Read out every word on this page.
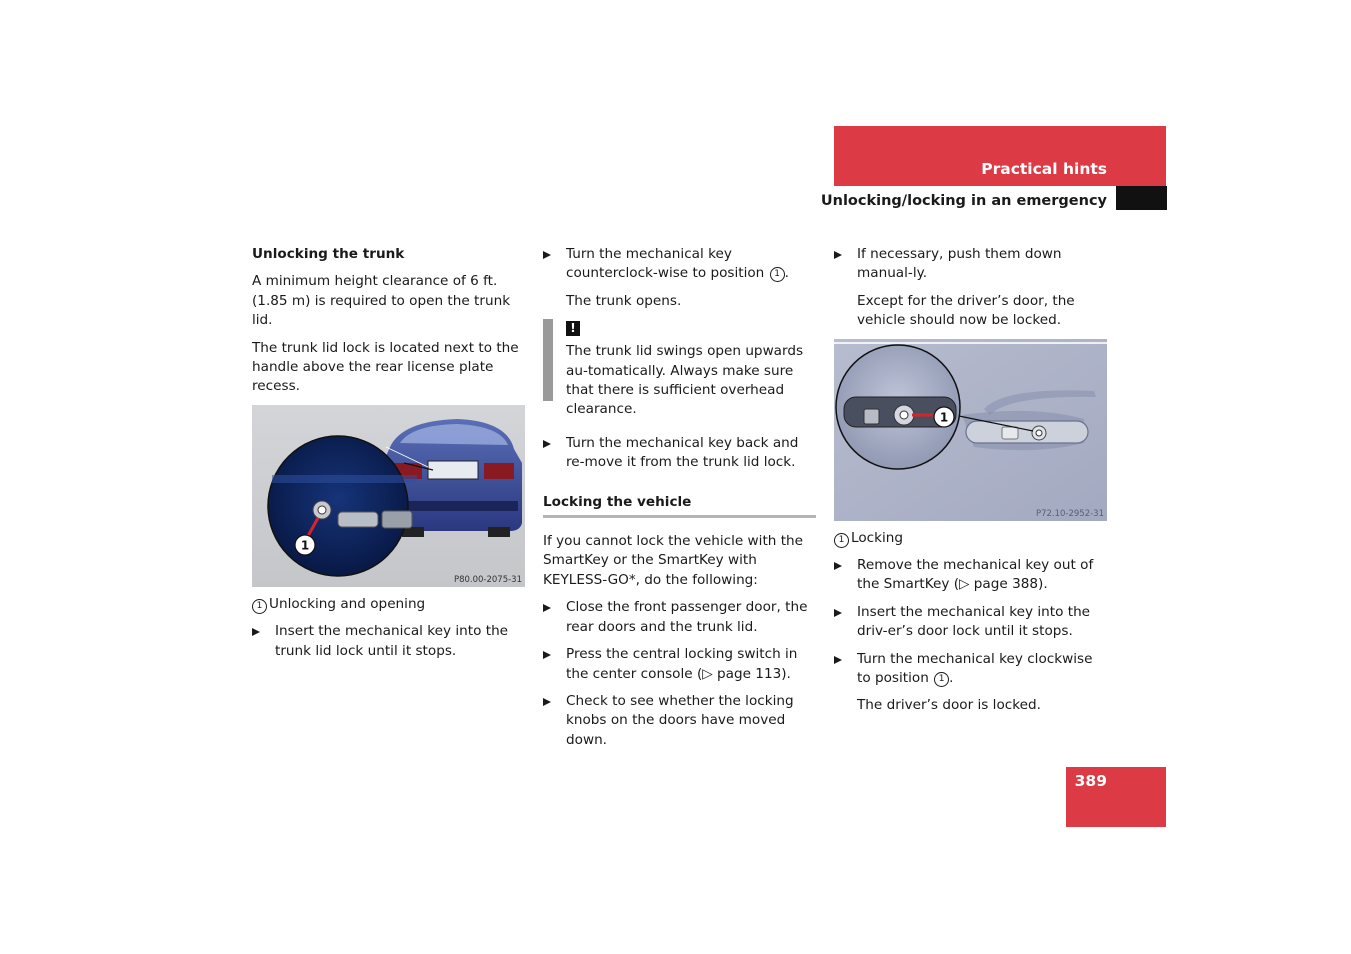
Practical hints
Unlocking/locking in an emergency
Unlocking the trunk

A minimum height clearance of 6 ft. (1.85 m) is required to open the trunk lid.

The trunk lid lock is located next to the handle above the rear license plate recess.

1
P80.00-2075-31
1 Unlocking and opening
Insert the mechanical key into the trunk lid lock until it stops.
Turn the mechanical key counterclock-wise to position 1 .

The trunk opens.

!
The trunk lid swings open upwards au-tomatically. Always make sure that there is sufficient overhead clearance.
Turn the mechanical key back and re-move it from the trunk lid lock.
Locking the vehicle

If you cannot lock the vehicle with the SmartKey or the SmartKey with KEYLESS-GO*, do the following:

Close the front passenger door, the rear doors and the trunk lid.
Press the central locking switch in the center console (▷ page 113).
Check to see whether the locking knobs on the doors have moved down.
If necessary, push them down manual-ly.

Except for the driver’s door, the vehicle should now be locked.

1
P72.10-2952-31
1 Locking
Remove the mechanical key out of the SmartKey (▷ page 388).
Insert the mechanical key into the driv-er’s door lock until it stops.
Turn the mechanical key clockwise to position 1 .

The driver’s door is locked.

389
